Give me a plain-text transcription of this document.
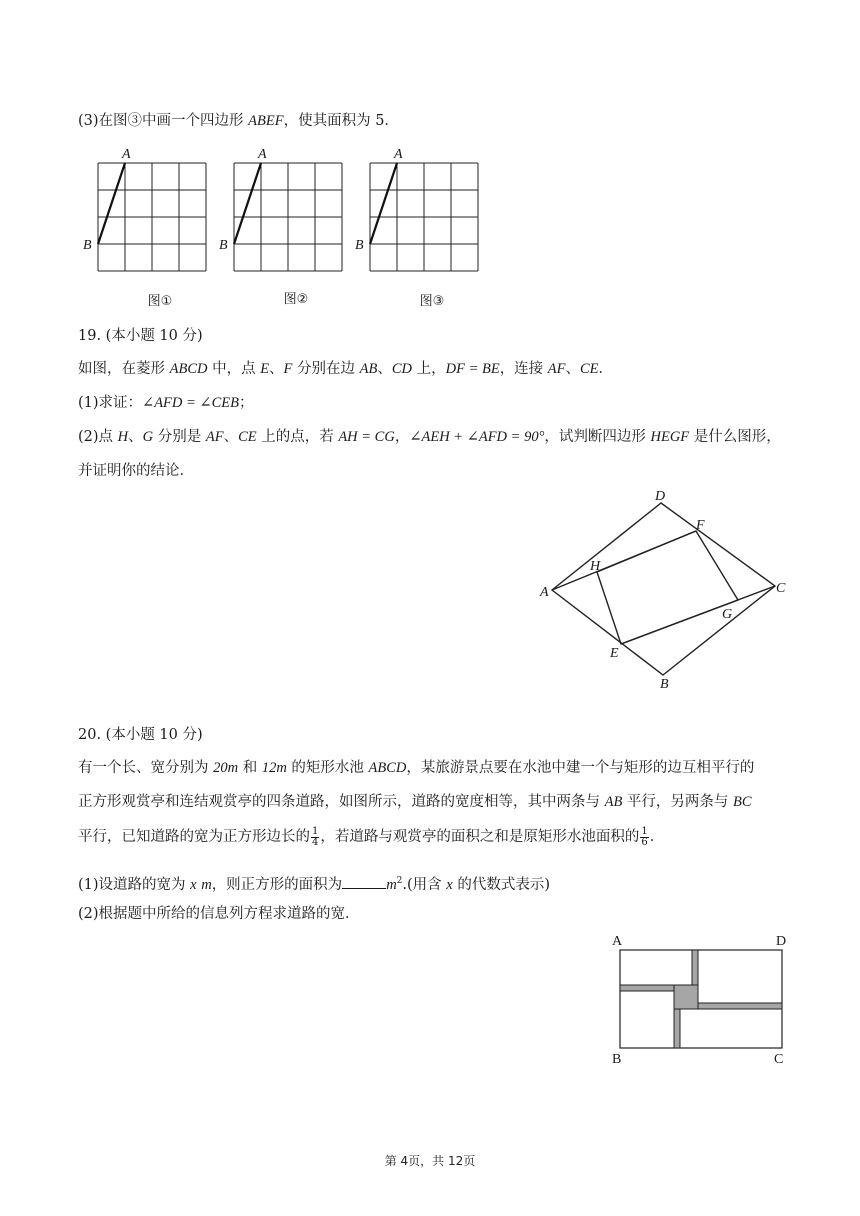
(3)在图③中画一个四边形 ABEF，使其面积为 5．
A
B
A
B
A
B
图①	图②	图③
19. (本小题 10 分)
如图，在菱形 ABCD 中，点 E、F 分别在边 AB、CD 上，DF = BE，连接 AF、CE．
(1)求证：∠AFD = ∠CEB；
(2)点 H、G 分别是 AF、CE 上的点，若 AH = CG，∠AEH + ∠AFD = 90°，试判断四边形 HEGF 是什么图形，
并证明你的结论．
D
F
H
A	C
G
E
B
20. (本小题 10 分)
有一个长、宽分别为 20m 和 12m 的矩形水池 ABCD，某旅游景点要在水池中建一个与矩形的边互相平行的
正方形观赏亭和连结观赏亭的四条道路，如图所示，道路的宽度相等，其中两条与 AB 平行，另两条与 BC
平行，已知道路的宽为正方形边长的 $\frac{1}{4}$ ，若道路与观赏亭的面积之和是原矩形水池面积的 $\frac{1}{6}$ ．
(1)设道路的宽为 x m，则正方形的面积为	$m^2$.(用含 x 的代数式表示)
(2)根据题中所给的信息列方程求道路的宽．
A	D
B	C
第 4页，共 12页
